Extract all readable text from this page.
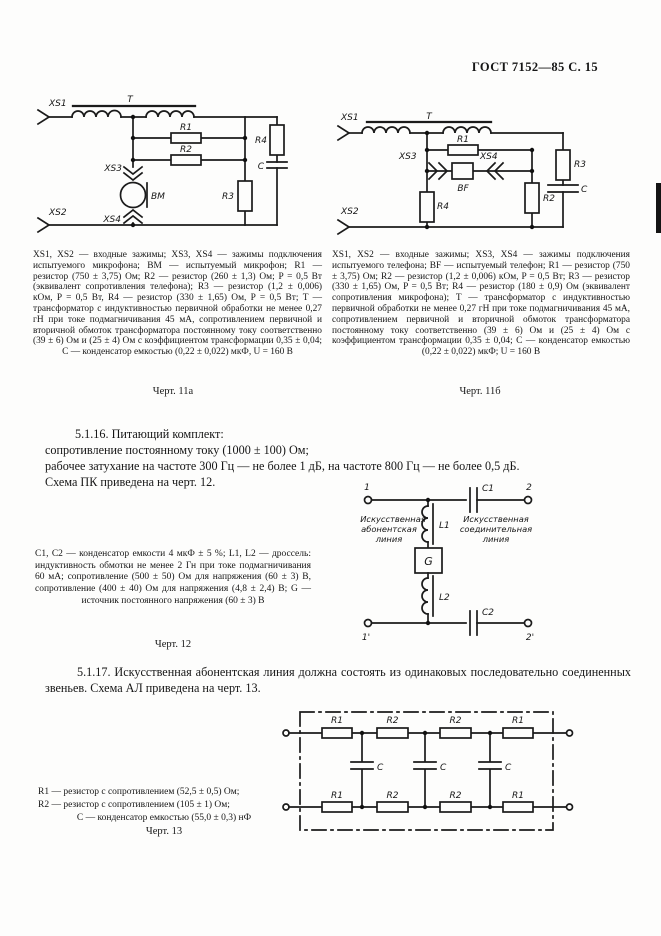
ГОСТ 7152—85 С. 15
XS1	T
R1
R2
XS3
BM
XS4
R3
R4
C
XS2
XS1	T
R1
XS3	XS4
BF
R3
C
R2
R4
XS2
XS1, XS2 — входные зажимы; XS3, XS4 — зажимы подключения испытуемого микрофона; BM — испытуемый микрофон; R1 — резистор (750 ± 3,75) Ом; R2 — резистор (260 ± 1,3) Ом; P = 0,5 Вт (эквивалент сопротивления телефона); R3 — резистор (1,2 ± 0,006) кОм, P = 0,5 Вт, R4 — резистор (330 ± 1,65) Ом, P = 0,5 Вт; T — трансформатор с индуктивностью первичной обработки не менее 0,27 гН при токе подмагничивания 45 мА, сопротивлением первичной и вторичной обмоток трансформатора постоянному току соответственно (39 ± 6) Ом и (25 ± 4) Ом с коэффициентом трансформации 0,35 ± 0,04; C — конденсатор емкостью (0,22 ± 0,022) мкФ, U = 160 В
XS1, XS2 — входные зажимы; XS3, XS4 — зажимы подключения испытуемого телефона; BF — испытуемый телефон; R1 — резистор (750 ± 3,75) Ом; R2 — резистор (1,2 ± 0,006) кОм, P = 0,5 Вт; R3 — резистор (330 ± 1,65) Ом, P = 0,5 Вт; R4 — резистор (180 ± 0,9) Ом (эквивалент сопротивления микрофона); T — трансформатор с индуктивностью первичной обработки не менее 0,27 гН при токе подмагничивания 45 мА, сопротивлением первичной и вторичной обмоток трансформатора постоянному току соответственно (39 ± 6) Ом и (25 ± 4) Ом с коэффициентом трансформации 0,35 ± 0,04; C — конденсатор емкостью (0,22 ± 0,022) мкФ; U = 160 В
Черт. 11а	Черт. 11б
5.1.16. Питающий комплект:
сопротивление постоянному току (1000 ± 100) Ом;
рабочее затухание на частоте 300 Гц — не более 1 дБ, на частоте 800 Гц — не более 0,5 дБ.
Схема ПК приведена на черт. 12.	1	2
C1
L1
G
L2
C2
1'	2'
Искусственная
абонентская
линия
Искусственная
соединительная
линия
C1, C2 — конденсатор емкости 4 мкФ ± 5 %; L1, L2 — дроссель: индуктивность обмотки не менее 2 Гн при токе подмагничивания 60 мА; сопротивление (500 ± 50) Ом для напряжения (60 ± 3) В, сопротивление (400 ± 40) Ом для напряжения (4,8 ± 2,4) В; G — источник постоянного напряжения (60 ± 3) В
Черт. 12
5.1.17. Искусственная абонентская линия должна состоять из одинаковых последовательно соединенных звеньев. Схема АЛ приведена на черт. 13.
R1	R2	R2	R1
C	C	C
R1	R2	R2	R1
R1 — резистор с сопротивлением (52,5 ± 0,5) Ом;
R2 — резистор с сопротивлением (105 ± 1) Ом;
C — конденсатор емкостью (55,0 ± 0,3) нФ
Черт. 13
